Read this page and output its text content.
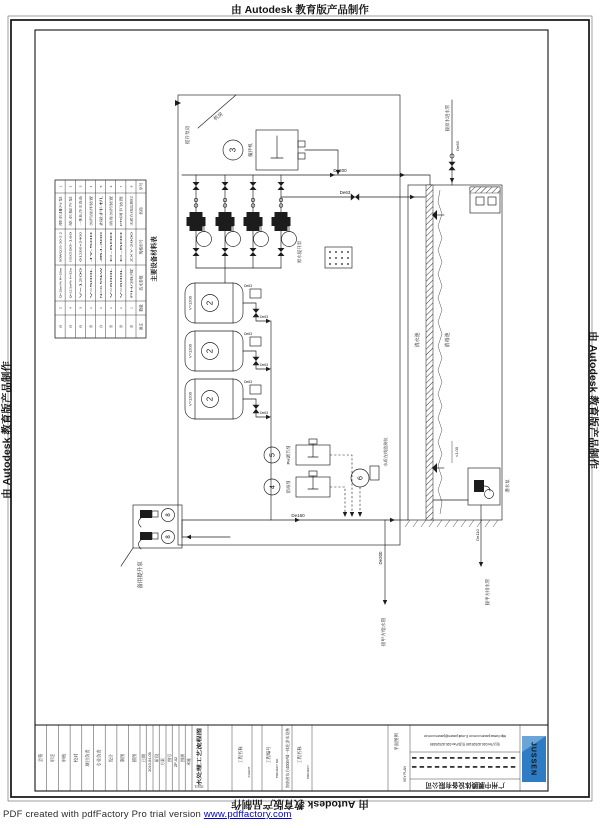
由 Autodesk 教育版产品制作
由 Autodesk 教育版产品制作
由 Autodesk 教育版产品制作	由 Autodesk 教育版产品制作
主要设备材料表
序号
名称
规格型号
技术参数
数量
备注
1
潜水排污泵
50WQ15-20-2.2
Q=15m³/h H=20m
2
台
2
原水提升泵
ISG50-160
Q=12.5m³/h H=32m
4
台
3
一体化净水设备
Φ1200×2400
V=1200
3
台
4
加药搅拌装置
JY-500
V=500L
1
套
5
搅拌机
JBJ-300
N=0.55kW
1
台
6
消毒加药装置
C-600
V=600L
1
套
7
PH调节装置
C-600
V=600L
1
套
8
水质在线监测仪
ZXY-2000
PH/浊度
1
套
机房
提升泵房
3 搅拌机
De200
De63
原水提升泵
2
V=1200
De63
De63
2
V=1200
De63
De63
2
V=1200
De63
De63
De160
8
8
备用提升泵
5 PH调节剂
4 消毒剂
6
水质在线监测仪
De200
接甲方给水管
清水池	消毒池
≈1.00
De63
接原水进水管
潜水泵
De110
接甲方排水管
会签 审定 审核 校对 项目负责 专业负责 设计 制图 描图 日期 2010-04-05 阶段 方案 图号 ZP-02 图别 水施 水处理工艺流程图
TITLE
工程名称
CLIENT
工程编号
PROJECT NO. 海南省东方400m³/d一体化净水设备 工程名称
PROJECT
平面图例
KEY PLAN
http://www.jussen.com.cn E-mail:jussen@jussen.com.cn
电话/Tel:020-82525189 传真/Fax:020-82525289
广州中膜膜体设备有限公司
JUSSEN
PDF created with pdfFactory Pro trial version www.pdffactory.com
